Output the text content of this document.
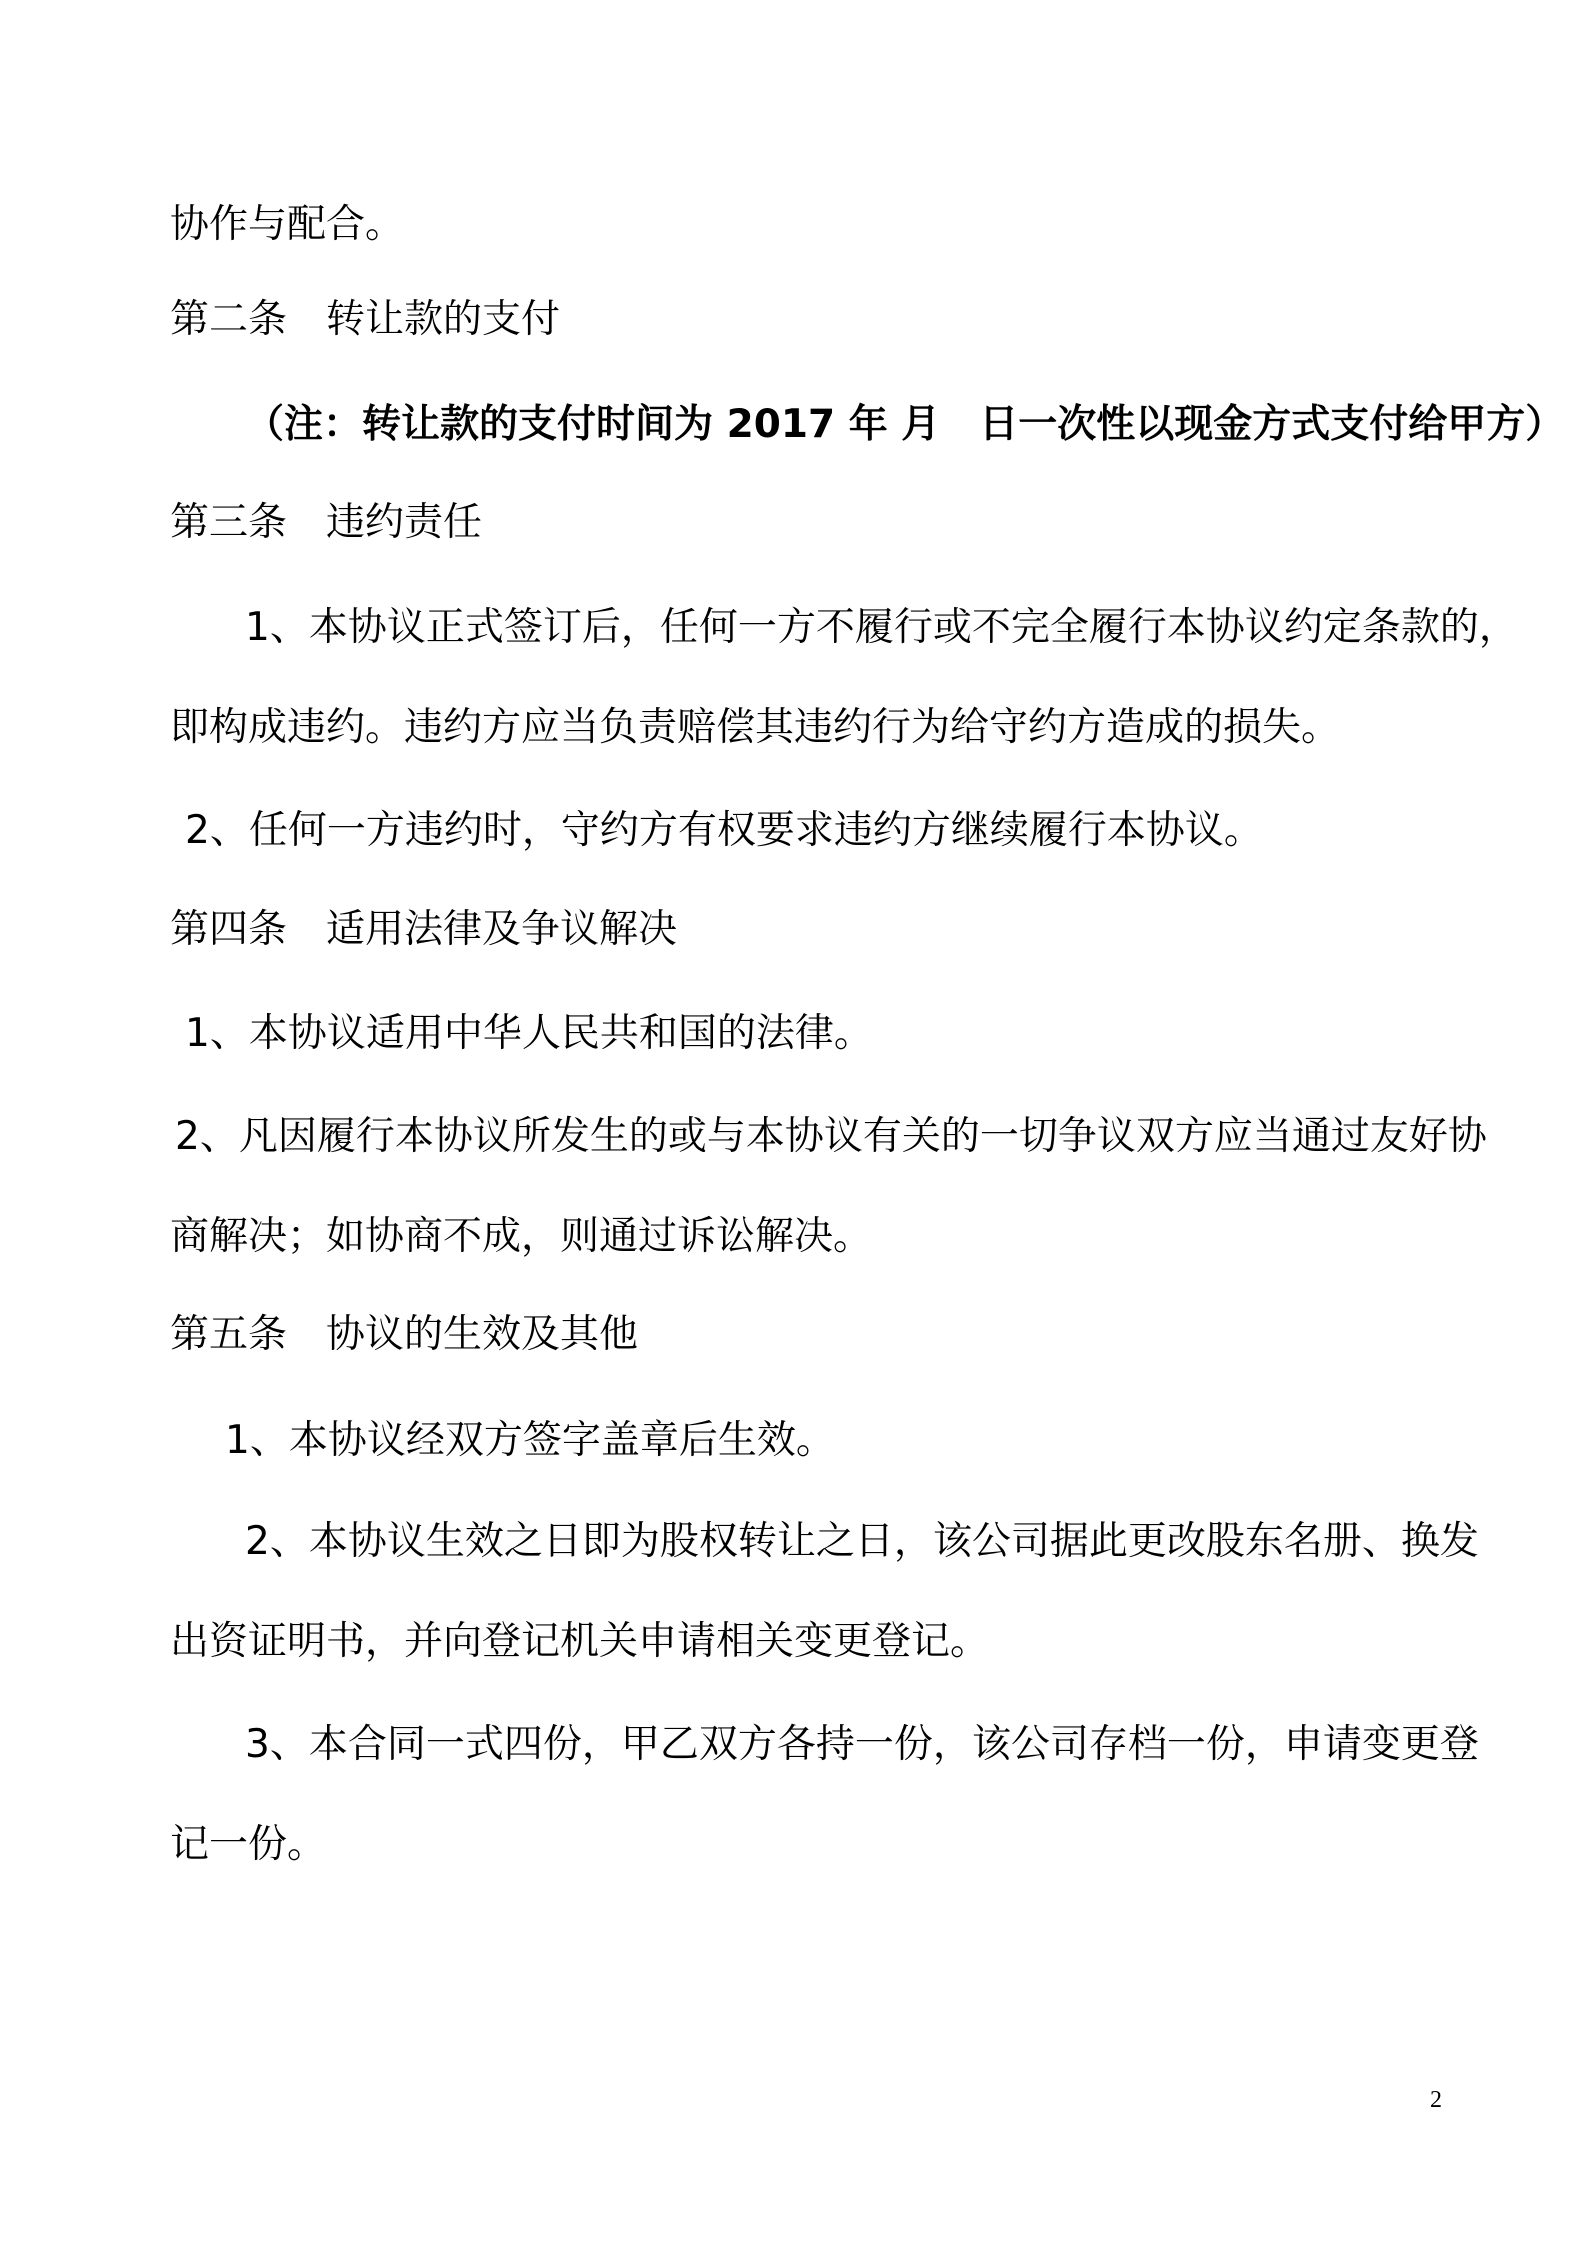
协作与配合。
第二条　转让款的支付
（注：转让款的支付时间为 2017 年 月　日一次性以现金方式支付给甲方）
第三条　违约责任
1、本协议正式签订后，任何一方不履行或不完全履行本协议约定条款的，
即构成违约。违约方应当负责赔偿其违约行为给守约方造成的损失。
2、任何一方违约时，守约方有权要求违约方继续履行本协议。
第四条　适用法律及争议解决
1、本协议适用中华人民共和国的法律。
2、凡因履行本协议所发生的或与本协议有关的一切争议双方应当通过友好协
商解决；如协商不成，则通过诉讼解决。
第五条　协议的生效及其他
1、本协议经双方签字盖章后生效。
2、本协议生效之日即为股权转让之日，该公司据此更改股东名册、换发
出资证明书，并向登记机关申请相关变更登记。
3、本合同一式四份，甲乙双方各持一份，该公司存档一份，申请变更登
记一份。
2
